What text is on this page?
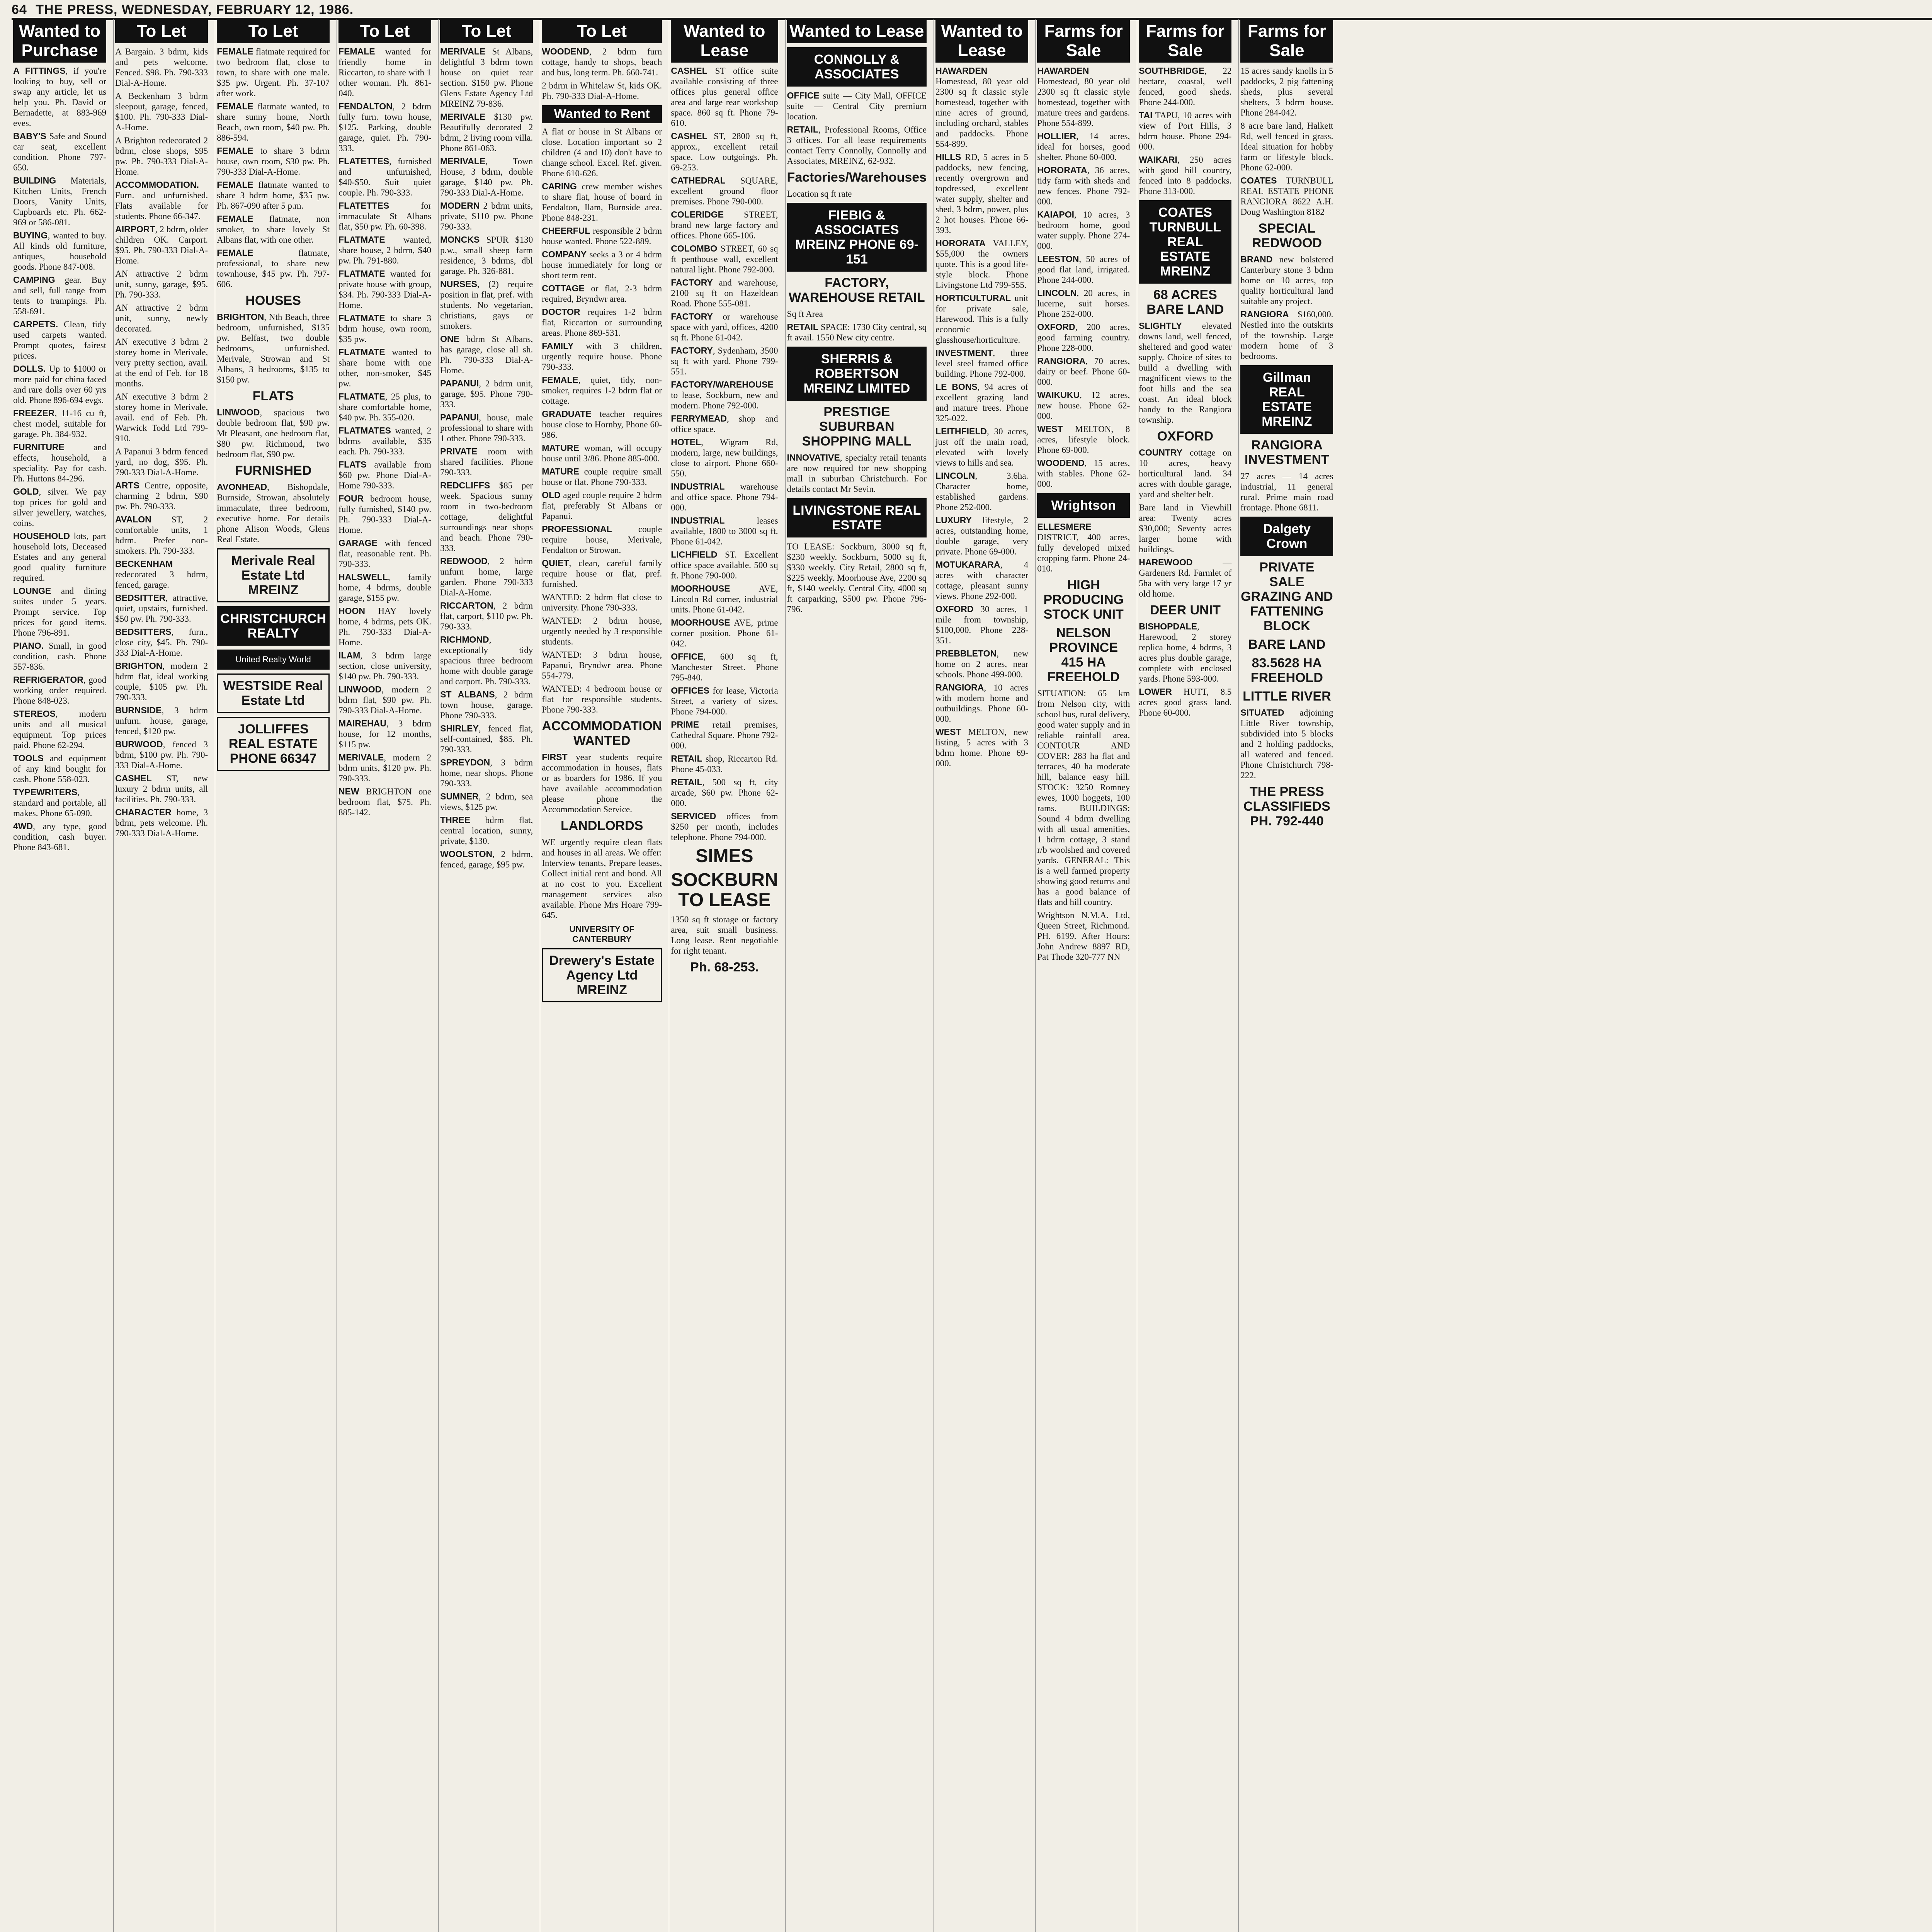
64 THE PRESS, WEDNESDAY, FEBRUARY 12, 1986.
Wanted to Purchase

A FITTINGS, if you're looking to buy, sell or swap any article, let us help you. Ph. David or Bernadette, at 883-969 eves.

BABY'S Safe and Sound car seat, excellent condition. Phone 797-650.

BUILDING Materials, Kitchen Units, French Doors, Vanity Units, Cupboards etc. Ph. 662-969 or 586-081.

BUYING, wanted to buy. All kinds old furniture, antiques, household goods. Phone 847-008.

CAMPING gear. Buy and sell, full range from tents to trampings. Ph. 558-691.

CARPETS. Clean, tidy used carpets wanted. Prompt quotes, fairest prices.

DOLLS. Up to $1000 or more paid for china faced and rare dolls over 60 yrs old. Phone 896-694 evgs.

FREEZER, 11-16 cu ft, chest model, suitable for garage. Ph. 384-932.

FURNITURE and effects, household, a speciality. Pay for cash. Ph. Huttons 84-296.

GOLD, silver. We pay top prices for gold and silver jewellery, watches, coins.

HOUSEHOLD lots, part household lots, Deceased Estates and any general good quality furniture required.

LOUNGE and dining suites under 5 years. Prompt service. Top prices for good items. Phone 796-891.

PIANO. Small, in good condition, cash. Phone 557-836.

REFRIGERATOR, good working order required. Phone 848-023.

STEREOS, modern units and all musical equipment. Top prices paid. Phone 62-294.

TOOLS and equipment of any kind bought for cash. Phone 558-023.

TYPEWRITERS, standard and portable, all makes. Phone 65-090.

4WD, any type, good condition, cash buyer. Phone 843-681.

To Let

A Bargain. 3 bdrm, kids and pets welcome. Fenced. $98. Ph. 790-333 Dial-A-Home.

A Beckenham 3 bdrm sleepout, garage, fenced, $100. Ph. 790-333 Dial-A-Home.

A Brighton redecorated 2 bdrm, close shops, $95 pw. Ph. 790-333 Dial-A-Home.

ACCOMMODATION. Furn. and unfurnished. Flats available for students. Phone 66-347.

AIRPORT, 2 bdrm, older children OK. Carport. $95. Ph. 790-333 Dial-A-Home.

AN attractive 2 bdrm unit, sunny, garage, $95. Ph. 790-333.

AN attractive 2 bdrm unit, sunny, newly decorated.

AN executive 3 bdrm 2 storey home in Merivale, very pretty section, avail. at the end of Feb. for 18 months.

AN executive 3 bdrm 2 storey home in Merivale, avail. end of Feb. Ph. Warwick Todd Ltd 799-910.

A Papanui 3 bdrm fenced yard, no dog, $95. Ph. 790-333 Dial-A-Home.

ARTS Centre, opposite, charming 2 bdrm, $90 pw. Ph. 790-333.

AVALON ST, 2 comfortable units, 1 bdrm. Prefer non-smokers. Ph. 790-333.

BECKENHAM redecorated 3 bdrm, fenced, garage.

BEDSITTER, attractive, quiet, upstairs, furnished. $50 pw. Ph. 790-333.

BEDSITTERS, furn., close city, $45. Ph. 790-333 Dial-A-Home.

BRIGHTON, modern 2 bdrm flat, ideal working couple, $105 pw. Ph. 790-333.

BURNSIDE, 3 bdrm unfurn. house, garage, fenced, $120 pw.

BURWOOD, fenced 3 bdrm, $100 pw. Ph. 790-333 Dial-A-Home.

CASHEL ST, new luxury 2 bdrm units, all facilities. Ph. 790-333.

CHARACTER home, 3 bdrm, pets welcome. Ph. 790-333 Dial-A-Home.

To Let

FEMALE flatmate required for two bedroom flat, close to town, to share with one male. $35 pw. Urgent. Ph. 37-107 after work.

FEMALE flatmate wanted, to share sunny home, North Beach, own room, $40 pw. Ph. 886-594.

FEMALE to share 3 bdrm house, own room, $30 pw. Ph. 790-333 Dial-A-Home.

FEMALE flatmate wanted to share 3 bdrm home, $35 pw. Ph. 867-090 after 5 p.m.

FEMALE flatmate, non smoker, to share lovely St Albans flat, with one other.

FEMALE flatmate, professional, to share new townhouse, $45 pw. Ph. 797-606.

HOUSES

BRIGHTON, Nth Beach, three bedroom, unfurnished, $135 pw. Belfast, two double bedrooms, unfurnished. Merivale, Strowan and St Albans, 3 bedrooms, $135 to $150 pw.

FLATS

LINWOOD, spacious two double bedroom flat, $90 pw. Mt Pleasant, one bedroom flat, $80 pw. Richmond, two bedroom flat, $90 pw.

FURNISHED

AVONHEAD, Bishopdale, Burnside, Strowan, absolutely immaculate, three bedroom, executive home. For details phone Alison Woods, Glens Real Estate.

Merivale Real Estate Ltd MREINZ
CHRISTCHURCH REALTY
United Realty World
WESTSIDE Real Estate Ltd
JOLLIFFES REAL ESTATE PHONE 66347
To Let

FEMALE wanted for friendly home in Riccarton, to share with 1 other woman. Ph. 861-040.

FENDALTON, 2 bdrm fully furn. town house, $125. Parking, double garage, quiet. Ph. 790-333.

FLATETTES, furnished and unfurnished, $40-$50. Suit quiet couple. Ph. 790-333.

FLATETTES for immaculate St Albans flat, $50 pw. Ph. 60-398.

FLATMATE wanted, share house, 2 bdrm, $40 pw. Ph. 791-880.

FLATMATE wanted for private house with group, $34. Ph. 790-333 Dial-A-Home.

FLATMATE to share 3 bdrm house, own room, $35 pw.

FLATMATE wanted to share home with one other, non-smoker, $45 pw.

FLATMATE, 25 plus, to share comfortable home, $40 pw. Ph. 355-020.

FLATMATES wanted, 2 bdrms available, $35 each. Ph. 790-333.

FLATS available from $60 pw. Phone Dial-A-Home 790-333.

FOUR bedroom house, fully furnished, $140 pw. Ph. 790-333 Dial-A-Home.

GARAGE with fenced flat, reasonable rent. Ph. 790-333.

HALSWELL, family home, 4 bdrms, double garage, $155 pw.

HOON HAY lovely home, 4 bdrms, pets OK. Ph. 790-333 Dial-A-Home.

ILAM, 3 bdrm large section, close university, $140 pw. Ph. 790-333.

LINWOOD, modern 2 bdrm flat, $90 pw. Ph. 790-333 Dial-A-Home.

MAIREHAU, 3 bdrm house, for 12 months, $115 pw.

MERIVALE, modern 2 bdrm units, $120 pw. Ph. 790-333.

NEW BRIGHTON one bedroom flat, $75. Ph. 885-142.

To Let

MERIVALE St Albans, delightful 3 bdrm town house on quiet rear section. $150 pw. Phone Glens Estate Agency Ltd MREINZ 79-836.

MERIVALE $130 pw. Beautifully decorated 2 bdrm, 2 living room villa. Phone 861-063.

MERIVALE, Town House, 3 bdrm, double garage, $140 pw. Ph. 790-333 Dial-A-Home.

MODERN 2 bdrm units, private, $110 pw. Phone 790-333.

MONCKS SPUR $130 p.w., small sheep farm residence, 3 bdrms, dbl garage. Ph. 326-881.

NURSES, (2) require position in flat, pref. with students. No vegetarian, christians, gays or smokers.

ONE bdrm St Albans, has garage, close all sh. Ph. 790-333 Dial-A-Home.

PAPANUI, 2 bdrm unit, garage, $95. Phone 790-333.

PAPANUI, house, male professional to share with 1 other. Phone 790-333.

PRIVATE room with shared facilities. Phone 790-333.

REDCLIFFS $85 per week. Spacious sunny room in two-bedroom cottage, delightful surroundings near shops and beach. Phone 790-333.

REDWOOD, 2 bdrm unfurn home, large garden. Phone 790-333 Dial-A-Home.

RICCARTON, 2 bdrm flat, carport, $110 pw. Ph. 790-333.

RICHMOND, exceptionally tidy spacious three bedroom home with double garage and carport. Ph. 790-333.

ST ALBANS, 2 bdrm town house, garage. Phone 790-333.

SHIRLEY, fenced flat, self-contained, $85. Ph. 790-333.

SPREYDON, 3 bdrm home, near shops. Phone 790-333.

SUMNER, 2 bdrm, sea views, $125 pw.

THREE bdrm flat, central location, sunny, private, $130.

WOOLSTON, 2 bdrm, fenced, garage, $95 pw.

To Let

WOODEND, 2 bdrm furn cottage, handy to shops, beach and bus, long term. Ph. 660-741.

2 bdrm in Whitelaw St, kids OK. Ph. 790-333 Dial-A-Home.

Wanted to Rent

A flat or house in St Albans or close. Location important so 2 children (4 and 10) don't have to change school. Excel. Ref. given. Phone 610-626.

CARING crew member wishes to share flat, house of board in Fendalton, Ilam, Burnside area. Phone 848-231.

CHEERFUL responsible 2 bdrm house wanted. Phone 522-889.

COMPANY seeks a 3 or 4 bdrm house immediately for long or short term rent.

COTTAGE or flat, 2-3 bdrm required, Bryndwr area.

DOCTOR requires 1-2 bdrm flat, Riccarton or surrounding areas. Phone 869-531.

FAMILY with 3 children, urgently require house. Phone 790-333.

FEMALE, quiet, tidy, non-smoker, requires 1-2 bdrm flat or cottage.

GRADUATE teacher requires house close to Hornby, Phone 60-986.

MATURE woman, will occupy house until 3/86. Phone 885-000.

MATURE couple require small house or flat. Phone 790-333.

OLD aged couple require 2 bdrm flat, preferably St Albans or Papanui.

PROFESSIONAL couple require house, Merivale, Fendalton or Strowan.

QUIET, clean, careful family require house or flat, pref. furnished.

WANTED: 2 bdrm flat close to university. Phone 790-333.

WANTED: 2 bdrm house, urgently needed by 3 responsible students.

WANTED: 3 bdrm house, Papanui, Bryndwr area. Phone 554-779.

WANTED: 4 bedroom house or flat for responsible students. Phone 790-333.

ACCOMMODATION WANTED

FIRST year students require accommodation in houses, flats or as boarders for 1986. If you have available accommodation please phone the Accommodation Service.

LANDLORDS

WE urgently require clean flats and houses in all areas. We offer: Interview tenants, Prepare leases, Collect initial rent and bond. All at no cost to you. Excellent management services also available. Phone Mrs Hoare 799-645.

UNIVERSITY OF CANTERBURY
Drewery's Estate Agency Ltd MREINZ
Wanted to Lease

CASHEL ST office suite available consisting of three offices plus general office area and large rear workshop space. 860 sq ft. Phone 79-610.

CASHEL ST, 2800 sq ft, approx., excellent retail space. Low outgoings. Ph. 69-253.

CATHEDRAL SQUARE, excellent ground floor premises. Phone 790-000.

COLERIDGE STREET, brand new large factory and offices. Phone 665-106.

COLOMBO STREET, 60 sq ft penthouse wall, excellent natural light. Phone 792-000.

FACTORY and warehouse, 2100 sq ft on Hazeldean Road. Phone 555-081.

FACTORY or warehouse space with yard, offices, 4200 sq ft. Phone 61-042.

FACTORY, Sydenham, 3500 sq ft with yard. Phone 799-551.

FACTORY/WAREHOUSE to lease, Sockburn, new and modern. Phone 792-000.

FERRYMEAD, shop and office space.

HOTEL, Wigram Rd, modern, large, new buildings, close to airport. Phone 660-550.

INDUSTRIAL warehouse and office space. Phone 794-000.

INDUSTRIAL leases available, 1800 to 3000 sq ft. Phone 61-042.

LICHFIELD ST. Excellent office space available. 500 sq ft. Phone 790-000.

MOORHOUSE AVE, Lincoln Rd corner, industrial units. Phone 61-042.

MOORHOUSE AVE, prime corner position. Phone 61-042.

OFFICE, 600 sq ft, Manchester Street. Phone 795-840.

OFFICES for lease, Victoria Street, a variety of sizes. Phone 794-000.

PRIME retail premises, Cathedral Square. Phone 792-000.

RETAIL shop, Riccarton Rd. Phone 45-033.

RETAIL, 500 sq ft, city arcade, $60 pw. Phone 62-000.

SERVICED offices from $250 per month, includes telephone. Phone 794-000.

SIMES
SOCKBURN TO LEASE
1350 sq ft storage or factory area, suit small business. Long lease. Rent negotiable for right tenant.
Ph. 68-253.
Wanted to Lease
CONNOLLY & ASSOCIATES

OFFICE suite — City Mall, OFFICE suite — Central City premium location.

RETAIL, Professional Rooms, Office 3 offices. For all lease requirements contact Terry Connolly, Connolly and Associates, MREINZ, 62-932.

Factories/Warehouses
Location sq ft rate
FIEBIG & ASSOCIATES MREINZ PHONE 69-151
FACTORY, WAREHOUSE RETAIL
Sq ft Area

RETAIL SPACE: 1730 City central, sq ft avail. 1550 New city centre.

SHERRIS & ROBERTSON MREINZ LIMITED
PRESTIGE SUBURBAN SHOPPING MALL

INNOVATIVE, specialty retail tenants are now required for new shopping mall in suburban Christchurch. For details contact Mr Sevin.

LIVINGSTONE REAL ESTATE

TO LEASE: Sockburn, 3000 sq ft, $230 weekly. Sockburn, 5000 sq ft, $330 weekly. City Retail, 2800 sq ft, $225 weekly. Moorhouse Ave, 2200 sq ft, $140 weekly. Central City, 4000 sq ft carparking, $500 pw. Phone 796-796.

Wanted to Lease

HAWARDEN Homestead, 80 year old 2300 sq ft classic style homestead, together with nine acres of ground, including orchard, stables and paddocks. Phone 554-899.

HILLS RD, 5 acres in 5 paddocks, new fencing, recently overgrown and topdressed, excellent water supply, shelter and shed, 3 bdrm, power, plus 2 hot houses. Phone 66-393.

HORORATA VALLEY, $55,000 the owners quote. This is a good life-style block. Phone Livingstone Ltd 799-555.

HORTICULTURAL unit for private sale, Harewood. This is a fully economic glasshouse/horticulture.

INVESTMENT, three level steel framed office building. Phone 792-000.

LE BONS, 94 acres of excellent grazing land and mature trees. Phone 325-022.

LEITHFIELD, 30 acres, just off the main road, elevated with lovely views to hills and sea.

LINCOLN, 3.6ha. Character home, established gardens. Phone 252-000.

LUXURY lifestyle, 2 acres, outstanding home, double garage, very private. Phone 69-000.

MOTUKARARA, 4 acres with character cottage, pleasant sunny views. Phone 292-000.

OXFORD 30 acres, 1 mile from township, $100,000. Phone 228-351.

PREBBLETON, new home on 2 acres, near schools. Phone 499-000.

RANGIORA, 10 acres with modern home and outbuildings. Phone 60-000.

WEST MELTON, new listing, 5 acres with 3 bdrm home. Phone 69-000.

Farms for Sale

HAWARDEN Homestead, 80 year old 2300 sq ft classic style homestead, together with mature trees and gardens. Phone 554-899.

HOLLIER, 14 acres, ideal for horses, good shelter. Phone 60-000.

HORORATA, 36 acres, tidy farm with sheds and new fences. Phone 792-000.

KAIAPOI, 10 acres, 3 bedroom home, good water supply. Phone 274-000.

LEESTON, 50 acres of good flat land, irrigated. Phone 244-000.

LINCOLN, 20 acres, in lucerne, suit horses. Phone 252-000.

OXFORD, 200 acres, good farming country. Phone 228-000.

RANGIORA, 70 acres, dairy or beef. Phone 60-000.

WAIKUKU, 12 acres, new house. Phone 62-000.

WEST MELTON, 8 acres, lifestyle block. Phone 69-000.

WOODEND, 15 acres, with stables. Phone 62-000.

Wrightson

ELLESMERE DISTRICT, 400 acres, fully developed mixed cropping farm. Phone 24-010.

HIGH PRODUCING STOCK UNIT
NELSON PROVINCE 415 HA FREEHOLD
SITUATION: 65 km from Nelson city, with school bus, rural delivery, good water supply and in reliable rainfall area. CONTOUR AND COVER: 283 ha flat and terraces, 40 ha moderate hill, balance easy hill. STOCK: 3250 Romney ewes, 1000 hoggets, 100 rams. BUILDINGS: Sound 4 bdrm dwelling with all usual amenities, 1 bdrm cottage, 3 stand r/b woolshed and covered yards. GENERAL: This is a well farmed property showing good returns and has a good balance of flats and hill country.
Wrightson N.M.A. Ltd, Queen Street, Richmond. PH. 6199. After Hours: John Andrew 8897 RD, Pat Thode 320-777 NN
Farms for Sale

SOUTHBRIDGE, 22 hectare, coastal, well fenced, good sheds. Phone 244-000.

TAI TAPU, 10 acres with view of Port Hills, 3 bdrm house. Phone 294-000.

WAIKARI, 250 acres with good hill country, fenced into 8 paddocks. Phone 313-000.

COATES TURNBULL REAL ESTATE MREINZ
68 ACRES BARE LAND

SLIGHTLY elevated downs land, well fenced, sheltered and good water supply. Choice of sites to build a dwelling with magnificent views to the foot hills and the sea coast. An ideal block handy to the Rangiora township.

OXFORD

COUNTRY cottage on 10 acres, heavy horticultural land. 34 acres with double garage, yard and shelter belt.

Bare land in Viewhill area: Twenty acres $30,000; Seventy acres larger home with buildings.

HAREWOOD — Gardeners Rd. Farmlet of 5ha with very large 17 yr old home.

DEER UNIT

BISHOPDALE, Harewood, 2 storey replica home, 4 bdrms, 3 acres plus double garage, complete with enclosed yards. Phone 593-000.

LOWER HUTT, 8.5 acres good grass land. Phone 60-000.

Farms for Sale

15 acres sandy knolls in 5 paddocks, 2 pig fattening sheds, plus several shelters, 3 bdrm house. Phone 284-042.

8 acre bare land, Halkett Rd, well fenced in grass. Ideal situation for hobby farm or lifestyle block. Phone 62-000.

COATES TURNBULL REAL ESTATE PHONE RANGIORA 8622 A.H. Doug Washington 8182

SPECIAL REDWOOD

BRAND new bolstered Canterbury stone 3 bdrm home on 10 acres, top quality horticultural land suitable any project.

RANGIORA $160,000. Nestled into the outskirts of the township. Large modern home of 3 bedrooms.

Gillman REAL ESTATE MREINZ
RANGIORA INVESTMENT

27 acres — 14 acres industrial, 11 general rural. Prime main road frontage. Phone 6811.

Dalgety Crown
PRIVATE SALE GRAZING AND FATTENING BLOCK
BARE LAND
83.5628 HA FREEHOLD
LITTLE RIVER

SITUATED adjoining Little River township, subdivided into 5 blocks and 2 holding paddocks, all watered and fenced. Phone Christchurch 798-222.

THE PRESS CLASSIFIEDS PH. 792-440
